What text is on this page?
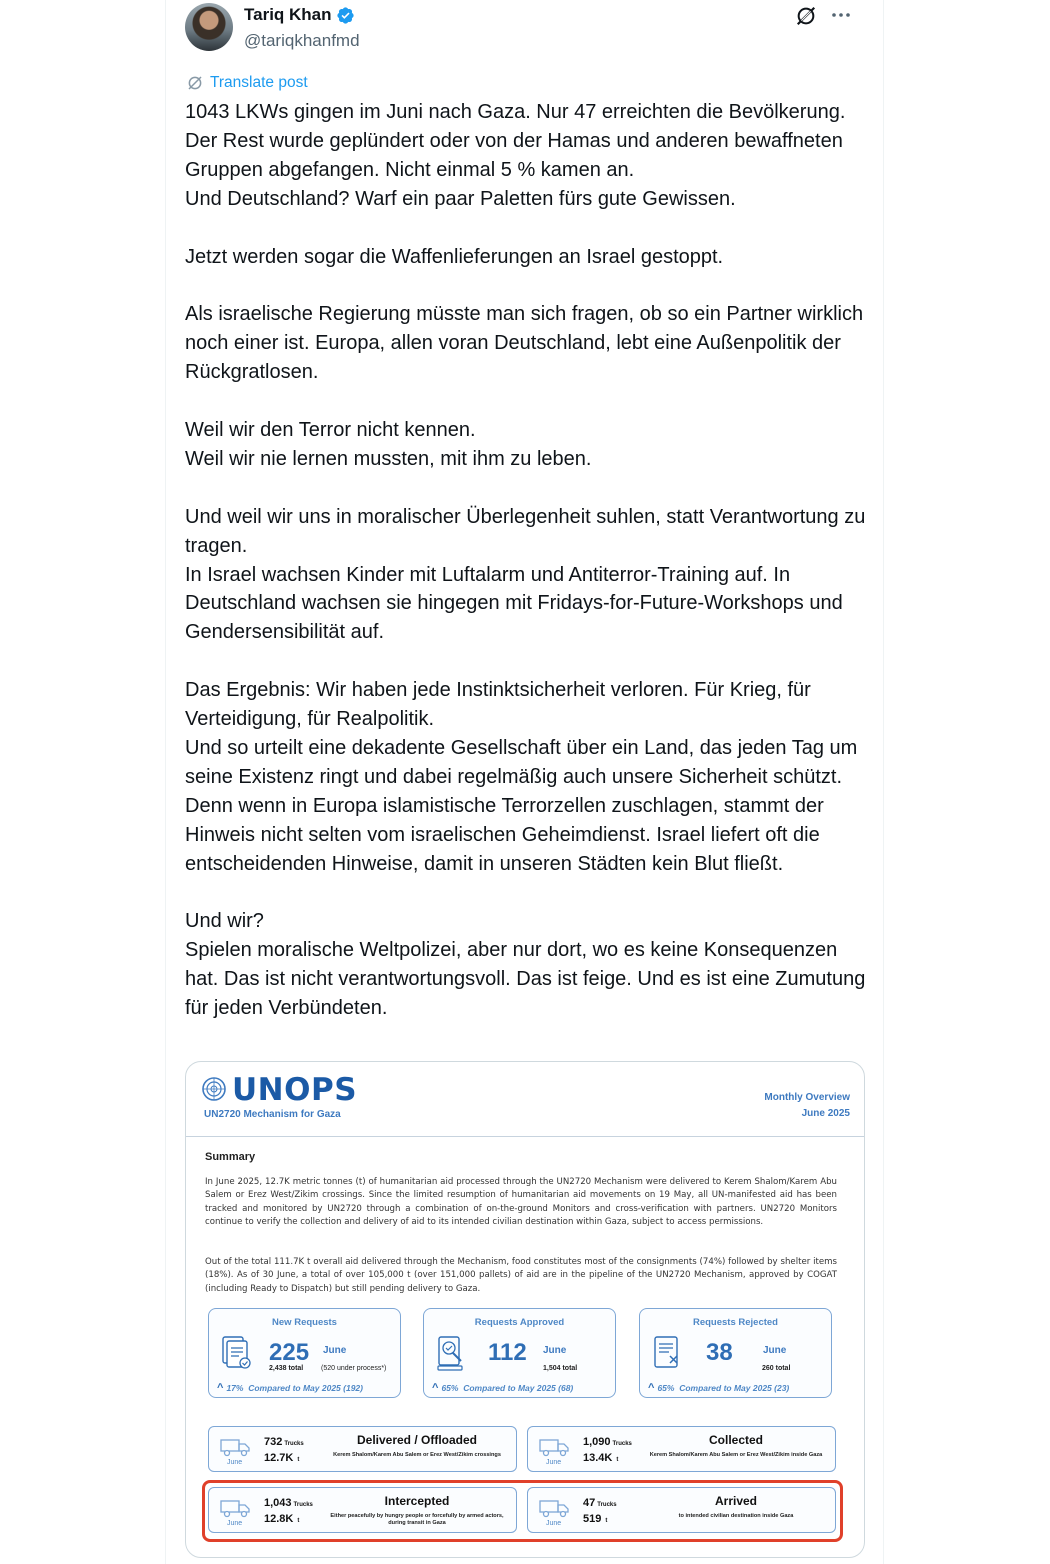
Tariq Khan
@tariqkhanfmd
Translate post
1043 LKWs gingen im Juni nach Gaza. Nur 47 erreichten die Bevölkerung. Der Rest wurde geplündert oder von der Hamas und anderen bewaffneten Gruppen abgefangen. Nicht einmal 5 % kamen an.
Und Deutschland? Warf ein paar Paletten fürs gute Gewissen.

Jetzt werden sogar die Waffenlieferungen an Israel gestoppt.

Als israelische Regierung müsste man sich fragen, ob so ein Partner wirklich noch einer ist. Europa, allen voran Deutschland, lebt eine Außenpolitik der Rückgratlosen.

Weil wir den Terror nicht kennen.
Weil wir nie lernen mussten, mit ihm zu leben.

Und weil wir uns in moralischer Überlegenheit suhlen, statt Verantwortung zu tragen.
In Israel wachsen Kinder mit Luftalarm und Antiterror-Training auf. In Deutschland wachsen sie hingegen mit Fridays-for-Future-Workshops und Gendersensibilität auf.

Das Ergebnis: Wir haben jede Instinktsicherheit verloren. Für Krieg, für Verteidigung, für Realpolitik.
Und so urteilt eine dekadente Gesellschaft über ein Land, das jeden Tag um seine Existenz ringt und dabei regelmäßig auch unsere Sicherheit schützt.
Denn wenn in Europa islamistische Terrorzellen zuschlagen, stammt der Hinweis nicht selten vom israelischen Geheimdienst. Israel liefert oft die entscheidenden Hinweise, damit in unseren Städten kein Blut fließt.

Und wir?
Spielen moralische Weltpolizei, aber nur dort, wo es keine Konsequenzen hat. Das ist nicht verantwortungsvoll. Das ist feige. Und es ist eine Zumutung für jeden Verbündeten.
UNOPS
UN2720 Mechanism for Gaza
Monthly Overview
June 2025
Summary
In June 2025, 12.7K metric tonnes (t) of humanitarian aid processed through the UN2720 Mechanism were delivered to Kerem Shalom/Karem Abu Salem or Erez West/Zikim crossings. Since the limited resumption of humanitarian aid movements on 19 May, all UN-manifested aid has been tracked and monitored by UN2720 through a combination of on-the-ground Monitors and cross-verification with partners. UN2720 Monitors continue to verify the collection and delivery of aid to its intended civilian destination within Gaza, subject to access permissions.
Out of the total 111.7K t overall aid delivered through the Mechanism, food constitutes most of the consignments (74%) followed by shelter items (18%). As of 30 June, a total of over 105,000 t (over 151,000 pallets) of aid are in the pipeline of the UN2720 Mechanism, approved by COGAT (including Ready to Dispatch) but still pending delivery to Gaza.
New Requests
225 June
2,438 total	(520 under process*)
^ 17% Compared to May 2025 (192)
Requests Approved
112 June
1,504 total
^ 65% Compared to May 2025 (68)
Requests Rejected
38	June
260 total
^ 65% Compared to May 2025 (23)
June
732 Trucks
12.7K t
Delivered / Offloaded
Kerem Shalom/Karem Abu Salem or Erez West/Zikim crossings
June
1,090 Trucks
13.4K t
Collected
Kerem Shalom/Karem Abu Salem or Erez West/Zikim inside Gaza
June
1,043 Trucks
12.8K t
Intercepted
Either peacefully by hungry people or forcefully by armed actors, during transit in Gaza	June
47 Trucks
519 t
Arrived
to intended civilian destination inside Gaza
